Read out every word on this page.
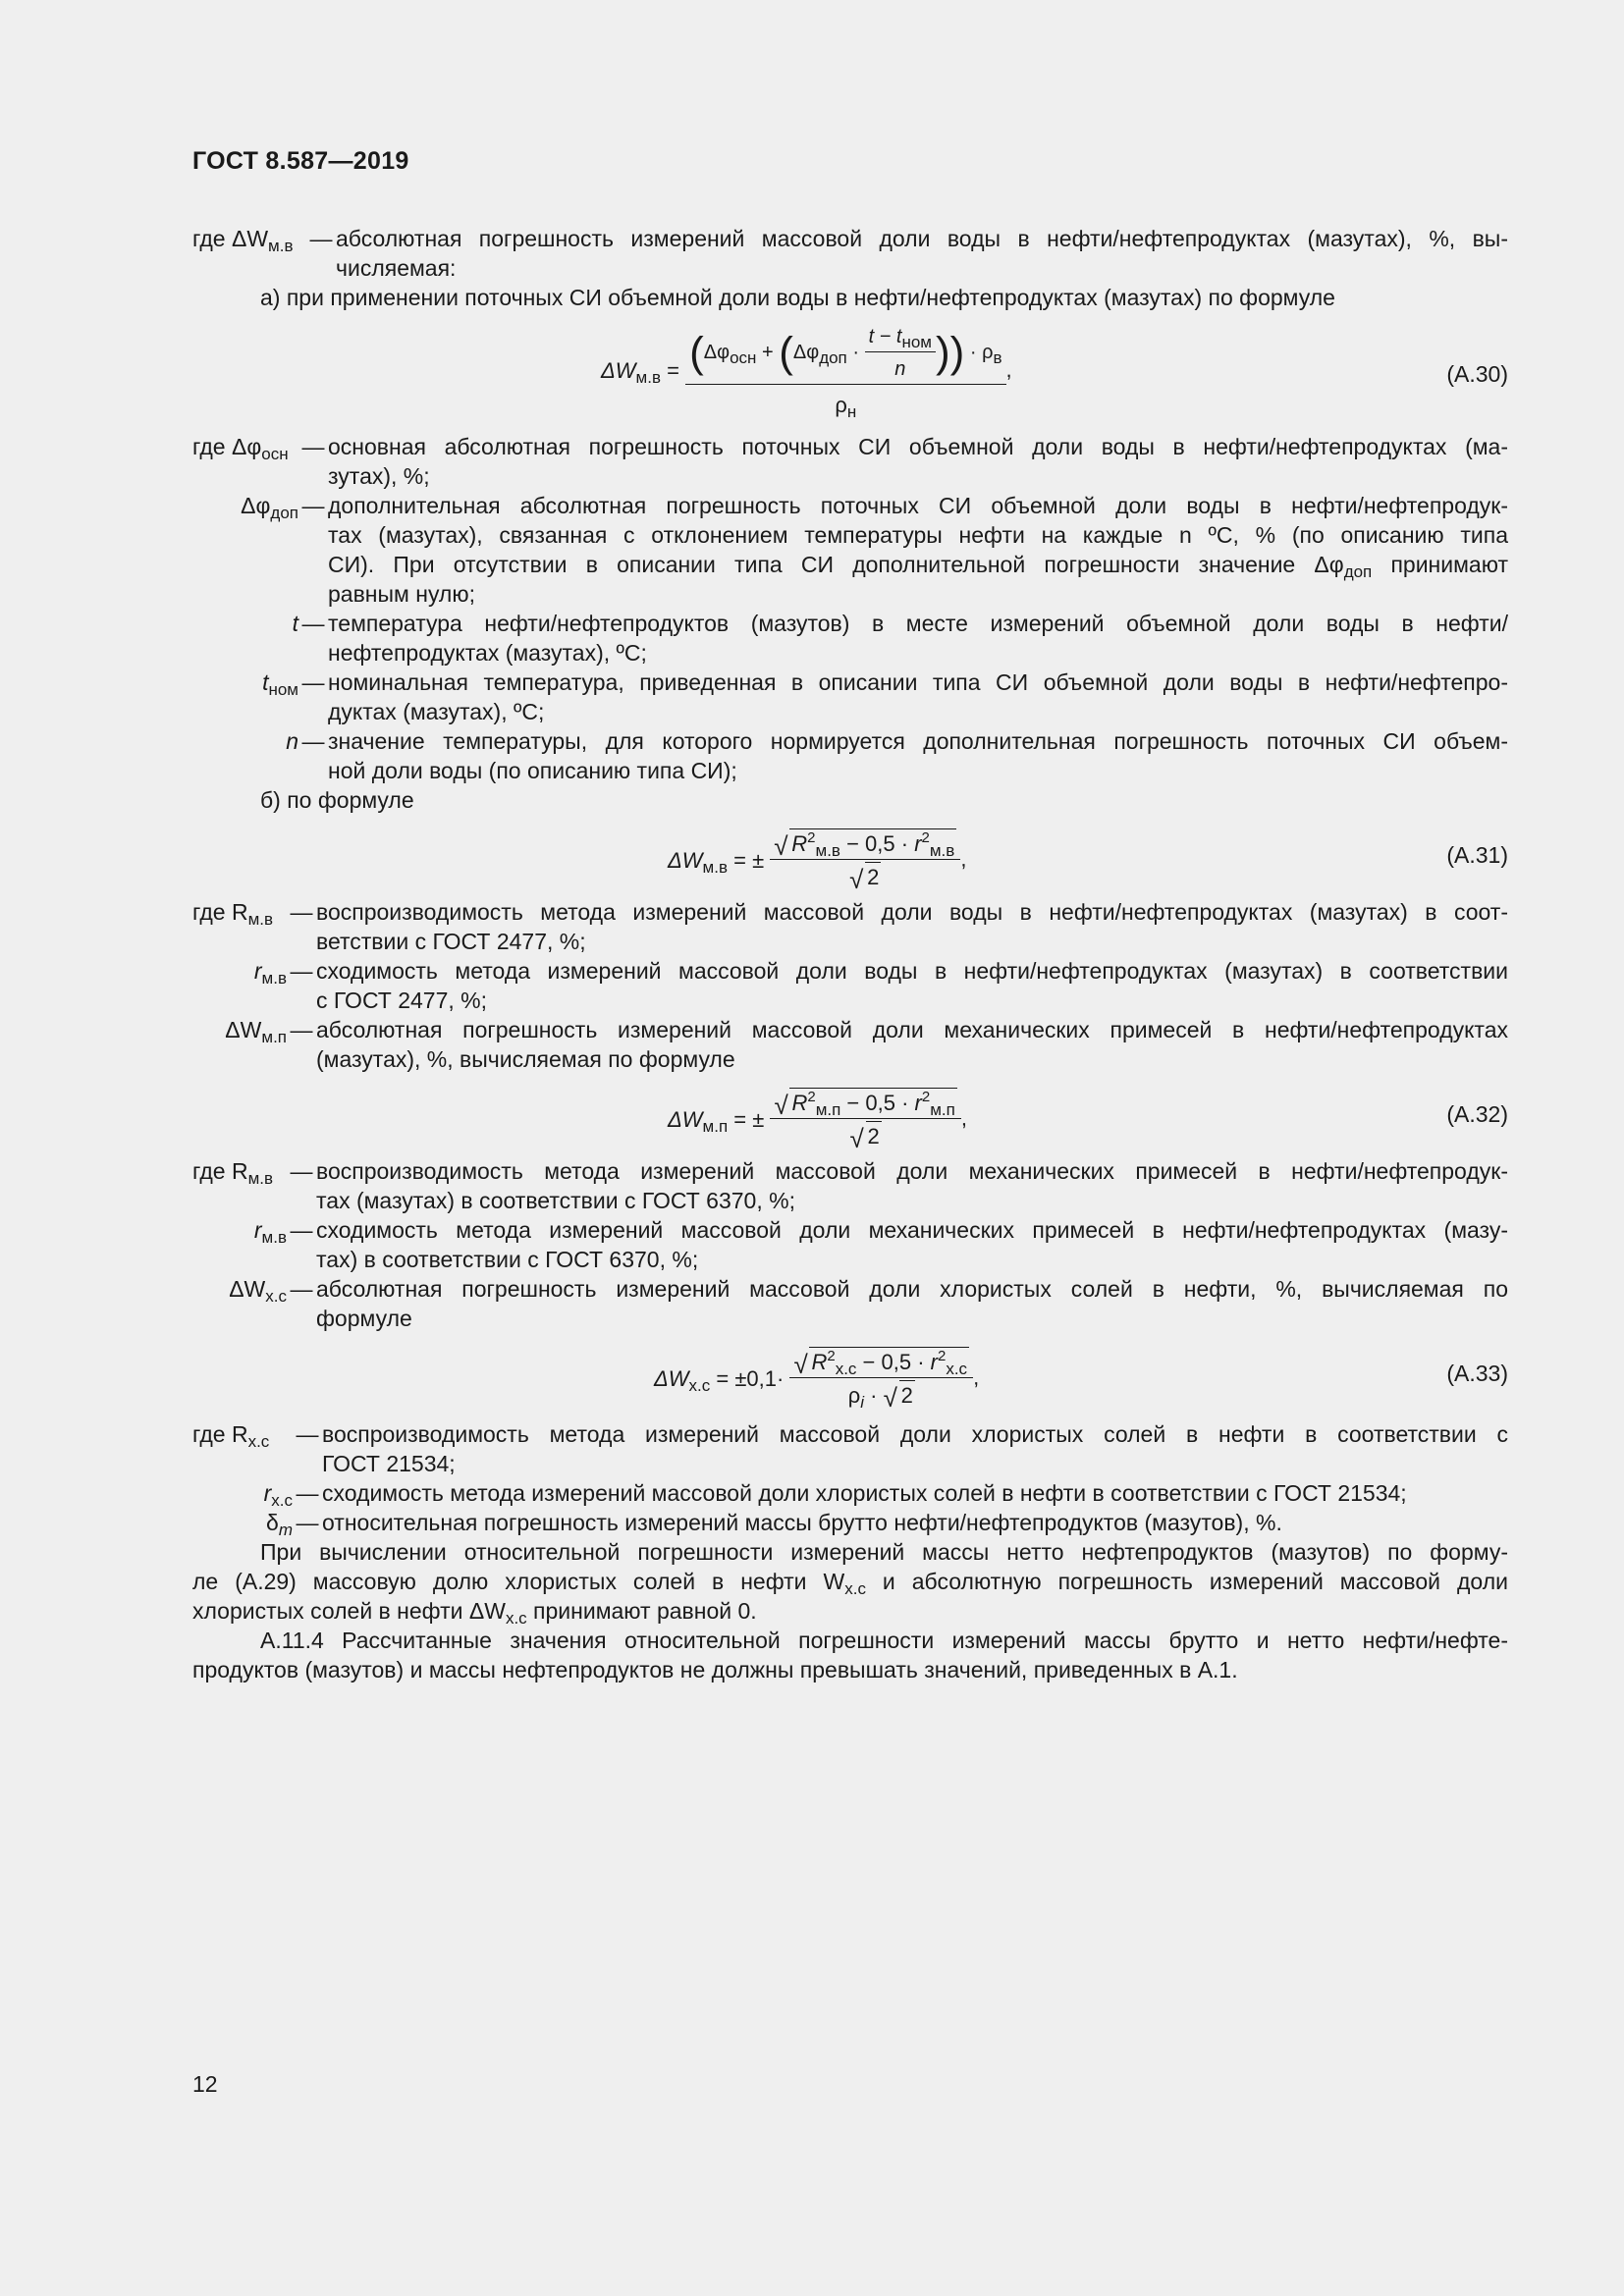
ГОСТ 8.587—2019
где $\Delta W_{м.в}$ — абсолютная погрешность измерений массовой доли воды в нефти/нефтепродуктах (мазутах), %, вы-
числяемая:
а) при применении поточных СИ объемной доли воды в нефти/нефтепродуктах (мазутах) по формуле
$\Delta W_{м.в} = \frac{(\Delta\varphi_{осн} + (\Delta\varphi_{доп} \cdot \frac{t - t_{ном}}{n} )) \cdot \rho_в}{\rho_н}$ ,	(А.30)
где $\Delta\varphi_{осн}$ — основная абсолютная погрешность поточных СИ объемной доли воды в нефти/нефтепродуктах (ма-
зутах), %;
$\Delta\varphi_{доп}$ — дополнительная абсолютная погрешность поточных СИ объемной доли воды в нефти/нефтепродук-
тах (мазутах), связанная с отклонением температуры нефти на каждые n ºС, % (по описанию типа
СИ). При отсутствии в описании типа СИ дополнительной погрешности значение $\Delta\varphi_{доп}$ принимают
равным нулю;
t — температура нефти/нефтепродуктов (мазутов) в месте измерений объемной доли воды в нефти/
нефтепродуктах (мазутах), ºС;
$t_{ном}$ — номинальная температура, приведенная в описании типа СИ объемной доли воды в нефти/нефтепро-
дуктах (мазутах), ºС;
n — значение температуры, для которого нормируется дополнительная погрешность поточных СИ объем-
ной доли воды (по описанию типа СИ);
б) по формуле
$\Delta W_{м.в}$ = ± $\frac{√ R^2_{м.в} - 0,5 \cdot r^2_{м.в}}{√ 2}$ ,	(А.31)
где $R_{м.в}$ — воспроизводимость метода измерений массовой доли воды в нефти/нефтепродуктах (мазутах) в соот-
ветствии с ГОСТ 2477, %;
$r_{м.в}$ — сходимость метода измерений массовой доли воды в нефти/нефтепродуктах (мазутах) в соответствии
с ГОСТ 2477, %;
$\Delta W_{м.п}$ — абсолютная погрешность измерений массовой доли механических примесей в нефти/нефтепродуктах
(мазутах), %, вычисляемая по формуле
$\Delta W_{м.п}$ = ± $\frac{√ R^2_{м.п} - 0,5 \cdot r^2_{м.п}}{√ 2}$ ,	(А.32)
где $R_{м.в}$ — воспроизводимость метода измерений массовой доли механических примесей в нефти/нефтепродук-
тах (мазутах) в соответствии с ГОСТ 6370, %;
$r_{м.в}$ — сходимость метода измерений массовой доли механических примесей в нефти/нефтепродуктах (мазу-
тах) в соответствии с ГОСТ 6370, %;
$\Delta W_{х.с}$ — абсолютная погрешность измерений массовой доли хлористых солей в нефти, %, вычисляемая по
формуле
$\Delta W_{х.с} = \pm 0,1\cdot \frac{√ R^2_{х.с} - 0,5 \cdot r^2_{х.с}}{\rho_i \cdot √ 2}$ ,	(А.33)
где $R_{х.с}$	— воспроизводимость метода измерений массовой доли хлористых солей в нефти в соответствии с
ГОСТ 21534;
$r_{х.с}$ — сходимость метода измерений массовой доли хлористых солей в нефти в соответствии с ГОСТ 21534;
$\delta_m$ — относительная погрешность измерений массы брутто нефти/нефтепродуктов (мазутов), %.
При вычислении относительной погрешности измерений массы нетто нефтепродуктов (мазутов) по форму-
ле (А.29) массовую долю хлористых солей в нефти $W_{х.с}$ и абсолютную погрешность измерений массовой доли
хлористых солей в нефти $\Delta W_{х.с}$ принимают равной 0.
А.11.4 Рассчитанные значения относительной погрешности измерений массы брутто и нетто нефти/нефте-
продуктов (мазутов) и массы нефтепродуктов не должны превышать значений, приведенных в А.1.
12
